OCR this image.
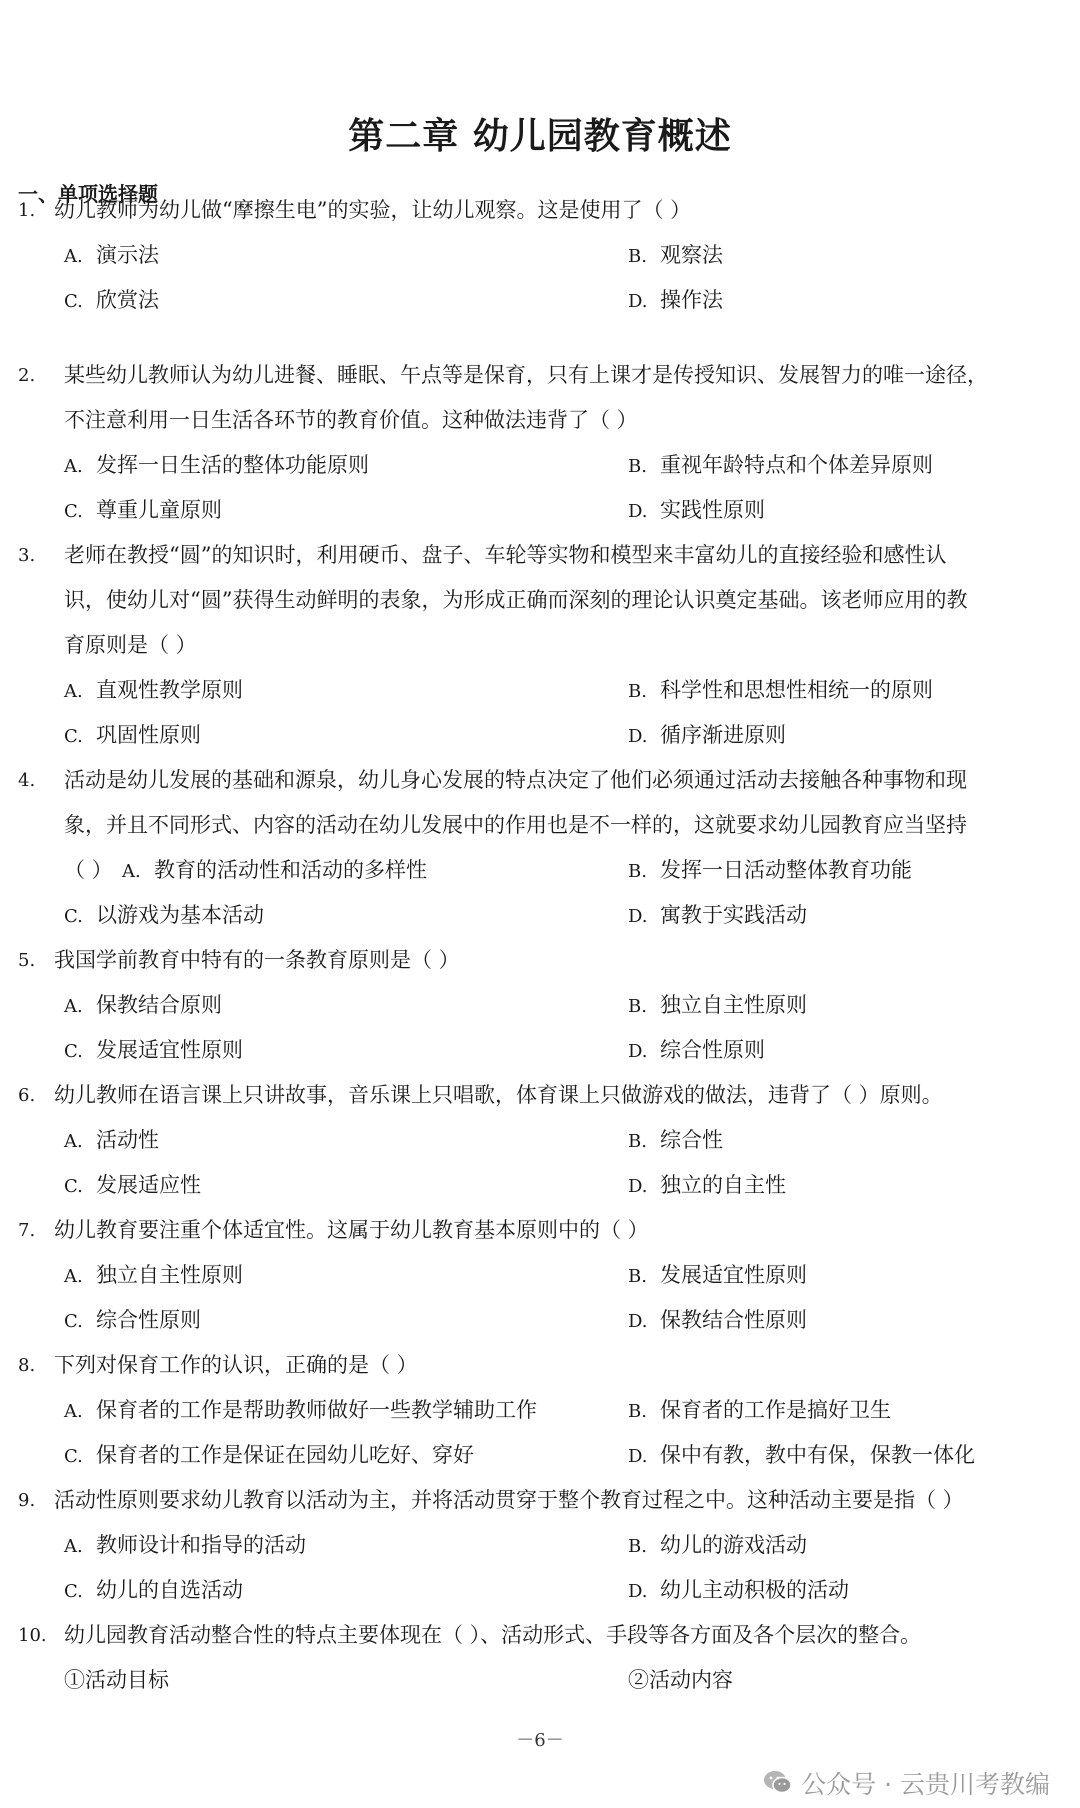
第二章 幼儿园教育概述
一、单项选择题
1. 幼儿教师为幼儿做“摩擦生电”的实验，让幼儿观察。这是使用了（ ）
A. 演示法	B. 观察法
C. 欣赏法	D. 操作法
2.	某些幼儿教师认为幼儿进餐、睡眠、午点等是保育，只有上课才是传授知识、发展智力的唯一途径，
不注意利用一日生活各环节的教育价值。这种做法违背了（ ）
A. 发挥一日生活的整体功能原则	B. 重视年龄特点和个体差异原则
C. 尊重儿童原则	D. 实践性原则
3.	老师在教授“圆”的知识时，利用硬币、盘子、车轮等实物和模型来丰富幼儿的直接经验和感性认
识，使幼儿对“圆”获得生动鲜明的表象，为形成正确而深刻的理论认识奠定基础。该老师应用的教
育原则是（ ）
A. 直观性教学原则	B. 科学性和思想性相统一的原则
C. 巩固性原则	D. 循序渐进原则
4.	活动是幼儿发展的基础和源泉，幼儿身心发展的特点决定了他们必须通过活动去接触各种事物和现
象，并且不同形式、内容的活动在幼儿发展中的作用也是不一样的，这就要求幼儿园教育应当坚持
（ ） A. 教育的活动性和活动的多样性	B. 发挥一日活动整体教育功能
C. 以游戏为基本活动	D. 寓教于实践活动
5. 我国学前教育中特有的一条教育原则是（ ）
A. 保教结合原则	B. 独立自主性原则
C. 发展适宜性原则	D. 综合性原则
6. 幼儿教师在语言课上只讲故事，音乐课上只唱歌，体育课上只做游戏的做法，违背了（ ）原则。
A. 活动性	B. 综合性
C. 发展适应性	D. 独立的自主性
7. 幼儿教育要注重个体适宜性。这属于幼儿教育基本原则中的（ ）
A. 独立自主性原则	B. 发展适宜性原则
C. 综合性原则	D. 保教结合性原则
8. 下列对保育工作的认识，正确的是（ ）
A. 保育者的工作是帮助教师做好一些教学辅助工作	B. 保育者的工作是搞好卫生
C. 保育者的工作是保证在园幼儿吃好、穿好	D. 保中有教，教中有保，保教一体化
9. 活动性原则要求幼儿教育以活动为主，并将活动贯穿于整个教育过程之中。这种活动主要是指（ ）
A. 教师设计和指导的活动	B. 幼儿的游戏活动
C. 幼儿的自选活动	D. 幼儿主动积极的活动
10. 幼儿园教育活动整合性的特点主要体现在（ ）、活动形式、手段等各方面及各个层次的整合。
①活动目标	②活动内容
－6－
公众号 · 云贵川考教编
